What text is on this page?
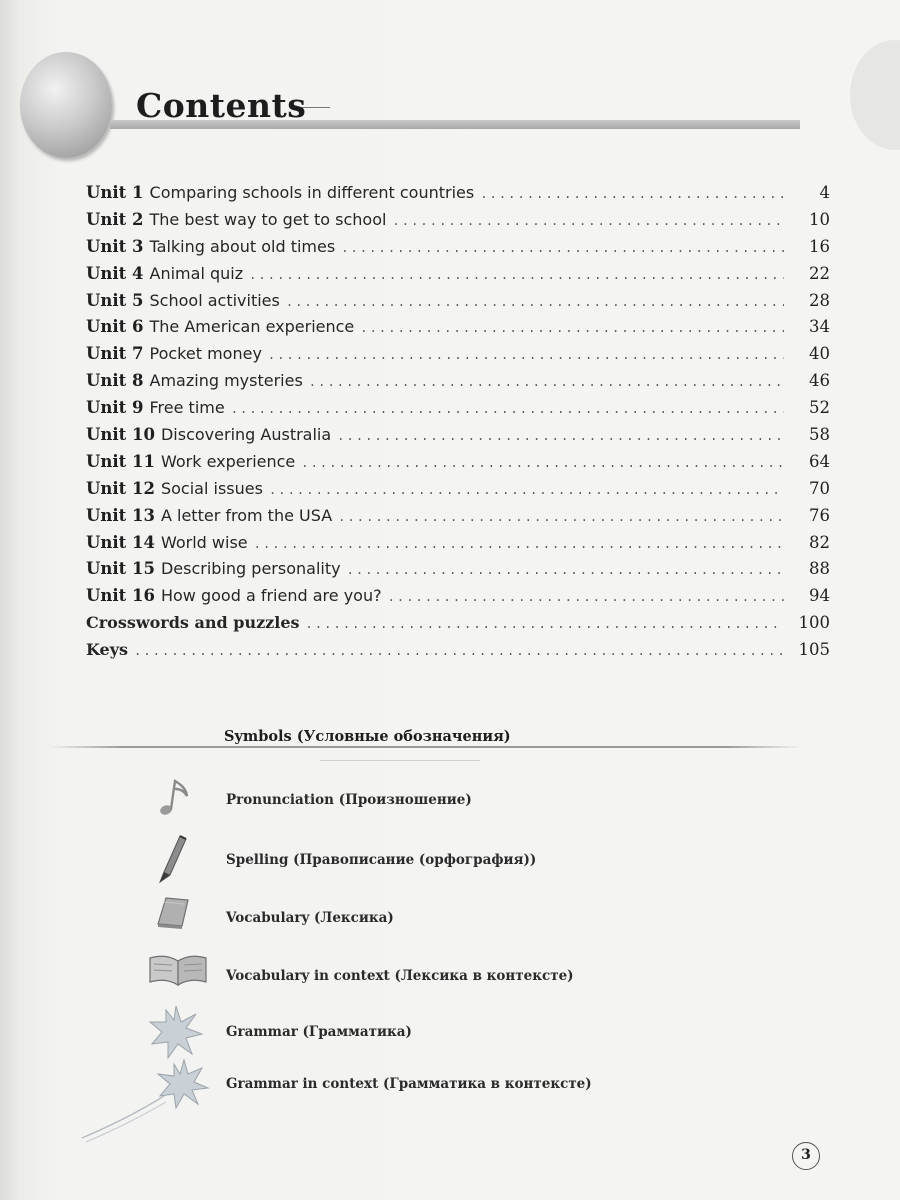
Contents
Unit 1 Comparing schools in different countries .....	4
Unit 2 The best way to get to school .....	10
Unit 3 Talking about old times .....	16
Unit 4 Animal quiz .....	22
Unit 5 School activities .....	28
Unit 6 The American experience .....	34
Unit 7 Pocket money .....	40
Unit 8 Amazing mysteries .....	46
Unit 9 Free time .....	52
Unit 10 Discovering Australia .....	58
Unit 11 Work experience .....	64
Unit 12 Social issues .....	70
Unit 13 A letter from the USA .....	76
Unit 14 World wise .....	82
Unit 15 Describing personality .....	88
Unit 16 How good a friend are you? .....	94
Crosswords and puzzles .....	100
Keys .....	105
Symbols (Условные обозначения)
Pronunciation (Произношение)
Spelling (Правописание (орфография))
Vocabulary (Лексика)
Vocabulary in context (Лексика в контексте)
Grammar (Грамматика)
Grammar in context (Грамматика в контексте)
3
